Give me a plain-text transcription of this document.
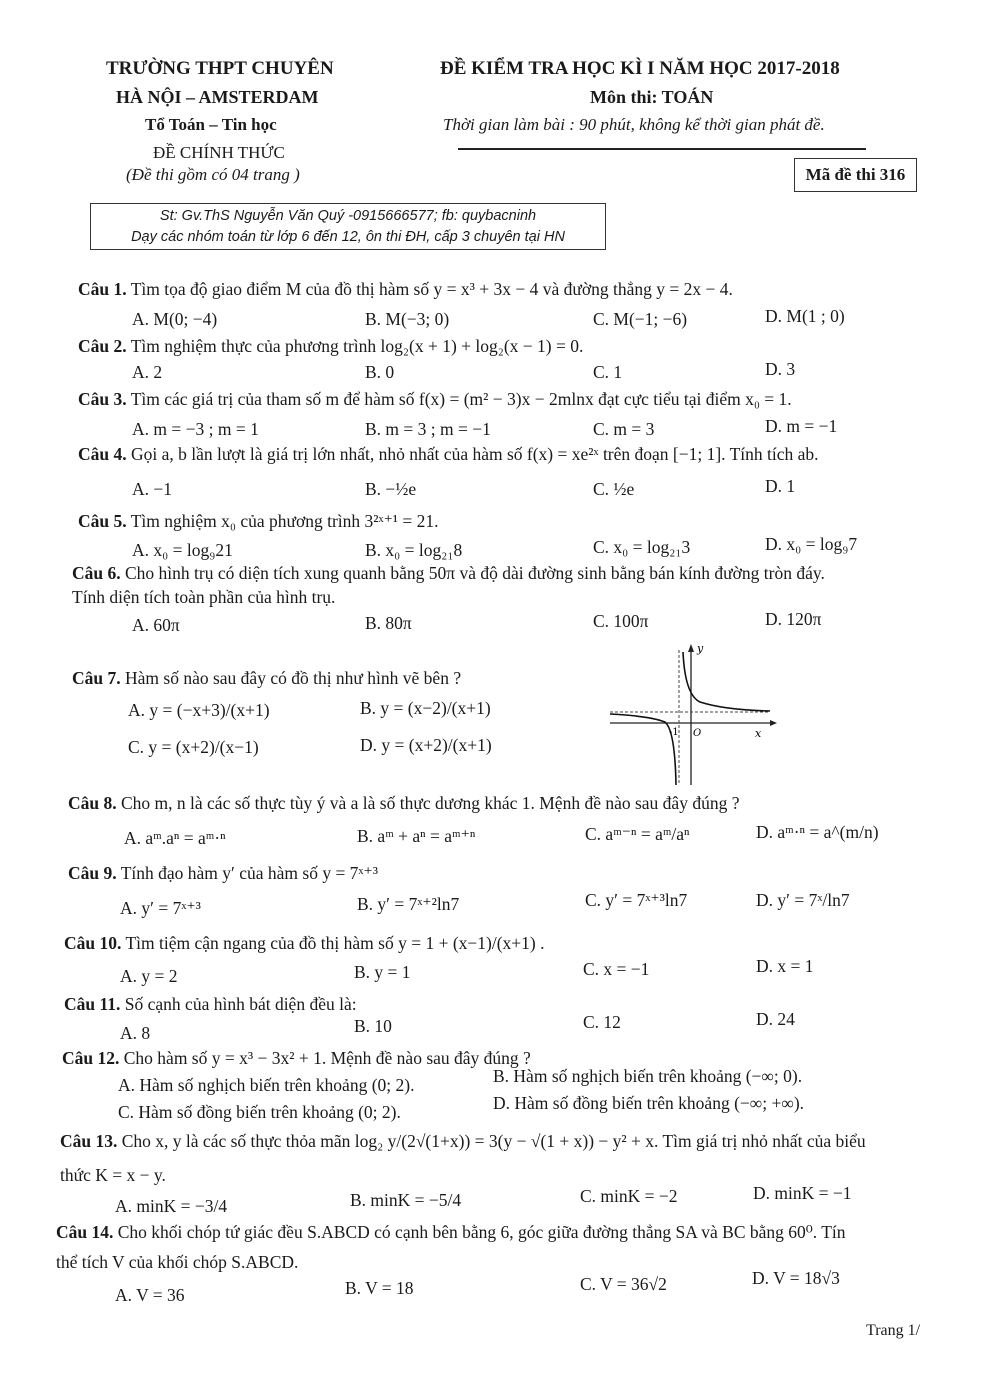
TRƯỜNG THPT CHUYÊN
HÀ NỘI – AMSTERDAM
Tổ Toán – Tin học
ĐỀ CHÍNH THỨC
(Đề thi gồm có 04 trang )
ĐỀ KIỂM TRA HỌC KÌ I NĂM HỌC 2017-2018
Môn thi: TOÁN
Thời gian làm bài : 90 phút, không kể thời gian phát đề.
Mã đề thi 316
St: Gv.ThS Nguyễn Văn Quý -0915666577; fb: quybacninh
Dạy các nhóm toán từ lớp 6 đến 12, ôn thi ĐH, cấp 3 chuyên tại HN
Câu 1. Tìm tọa độ giao điểm M của đồ thị hàm số y = x³ + 3x − 4 và đường thẳng y = 2x − 4.
A. M(0; −4)	B. M(−3; 0)	C. M(−1; −6)	D. M(1 ; 0)
Câu 2. Tìm nghiệm thực của phương trình log₂(x + 1) + log₂(x − 1) = 0.
A. 2	B. 0	C. 1	D. 3
Câu 3. Tìm các giá trị của tham số m để hàm số f(x) = (m² − 3)x − 2mlnx đạt cực tiểu tại điểm x₀ = 1.
A. m = −3 ; m = 1	B. m = 3 ; m = −1	C. m = 3	D. m = −1
Câu 4. Gọi a, b lần lượt là giá trị lớn nhất, nhỏ nhất của hàm số f(x) = xe²ˣ trên đoạn [−1; 1]. Tính tích ab.
A. −1	B. −½e	C. ½e	D. 1
Câu 5. Tìm nghiệm x₀ của phương trình 3²ˣ⁺¹ = 21.
A. x₀ = log₉21	B. x₀ = log₂₁8	C. x₀ = log₂₁3	D. x₀ = log₉7
Câu 6. Cho hình trụ có diện tích xung quanh bằng 50π và độ dài đường sinh bằng bán kính đường tròn đáy.
Tính diện tích toàn phần của hình trụ.
A. 60π	B. 80π	C. 100π	D. 120π
Câu 7. Hàm số nào sau đây có đồ thị như hình vẽ bên ?
A. y = (−x+3)/(x+1)	B. y = (x−2)/(x+1)
C. y = (x+2)/(x−1)	D. y = (x+2)/(x+1)
y
x
-1 O
Câu 8. Cho m, n là các số thực tùy ý và a là số thực dương khác 1. Mệnh đề nào sau đây đúng ?
A. aᵐ.aⁿ = aᵐ·ⁿ	B. aᵐ + aⁿ = aᵐ⁺ⁿ	C. aᵐ⁻ⁿ = aᵐ/aⁿ	D. aᵐ·ⁿ = a^(m/n)
Câu 9. Tính đạo hàm y′ của hàm số y = 7ˣ⁺³
A. y′ = 7ˣ⁺³	B. y′ = 7ˣ⁺²ln7	C. y′ = 7ˣ⁺³ln7	D. y′ = 7ˣ/ln7
Câu 10. Tìm tiệm cận ngang của đồ thị hàm số y = 1 + (x−1)/(x+1) .
A. y = 2	B. y = 1	C. x = −1	D. x = 1
Câu 11. Số cạnh của hình bát diện đều là:
A. 8	B. 10	C. 12	D. 24
Câu 12. Cho hàm số y = x³ − 3x² + 1. Mệnh đề nào sau đây đúng ?
A. Hàm số nghịch biến trên khoảng (0; 2).	B. Hàm số nghịch biến trên khoảng (−∞; 0).
C. Hàm số đồng biến trên khoảng (0; 2).	D. Hàm số đồng biến trên khoảng (−∞; +∞).
Câu 13. Cho x, y là các số thực thỏa mãn log₂ y/(2√(1+x)) = 3(y − √(1 + x)) − y² + x. Tìm giá trị nhỏ nhất của biểu
thức K = x − y.
A. minK = −3/4	B. minK = −5/4	C. minK = −2	D. minK = −1
Câu 14. Cho khối chóp tứ giác đều S.ABCD có cạnh bên bằng 6, góc giữa đường thẳng SA và BC bằng 60⁰. Tín
thể tích V của khối chóp S.ABCD.
A. V = 36	B. V = 18	C. V = 36√2	D. V = 18√3
Trang 1/
